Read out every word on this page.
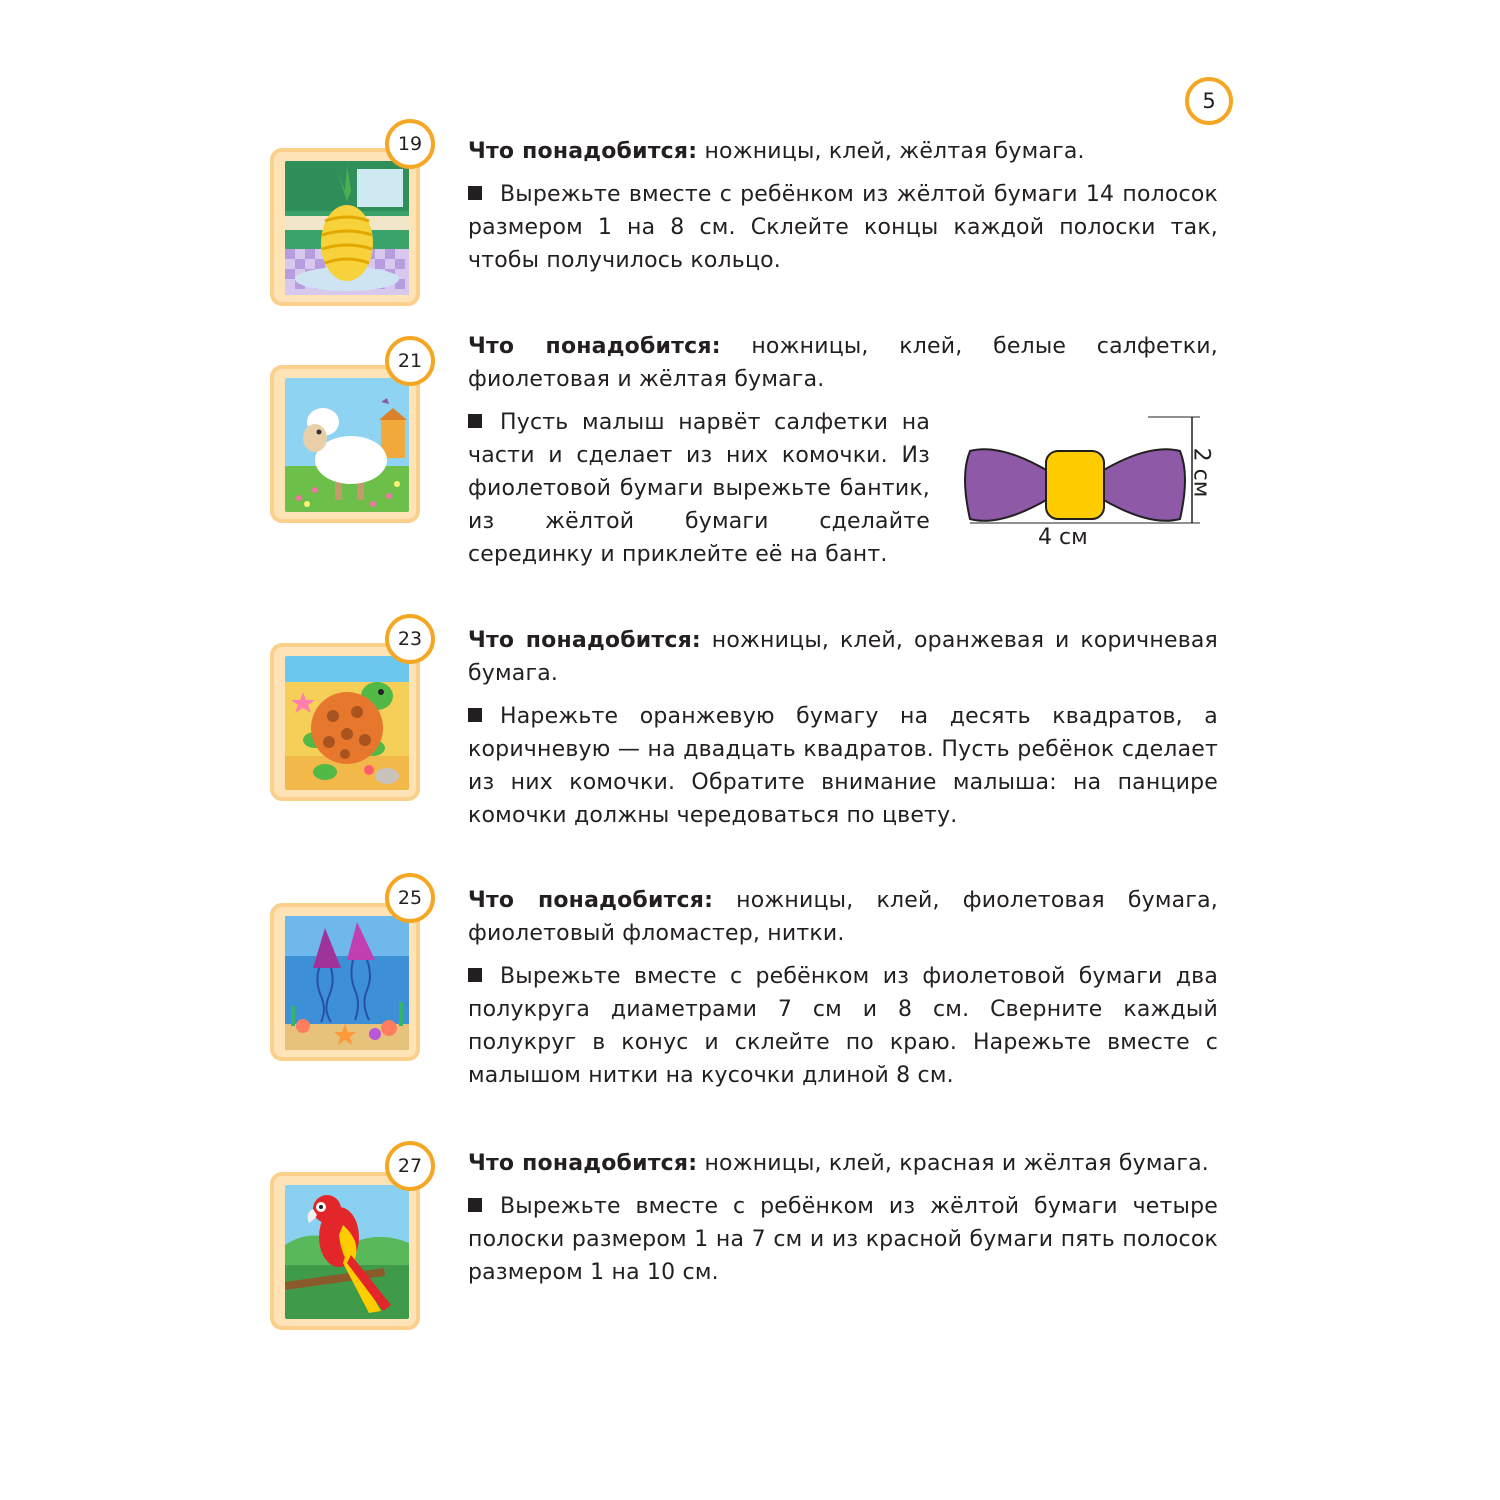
5
19	Что понадобится: ножницы, клей, жёлтая бумага.

Вырежьте вместе с ребёнком из жёлтой бумаги 14 полосок размером 1 на 8 см. Склейте концы каждой полоски так, чтобы получилось кольцо.

21

Что понадобится: ножницы, клей, белые салфетки, фиолетовая и жёлтая бумага.

Пусть малыш нарвёт салфетки на части и сделает из них комочки. Из фиолетовой бумаги вырежьте бантик, из жёлтой бумаги сделайте серединку и приклейте её на бант.

4 см
2 см
23	Что понадобится: ножницы, клей, оранжевая и коричневая бумага.

Нарежьте оранжевую бумагу на десять квадратов, а коричневую — на двадцать квадратов. Пусть ребёнок сделает из них комочки. Обратите внимание малыша: на панцире комочки должны чередоваться по цвету.

25	Что понадобится: ножницы, клей, фиолетовая бумага, фиолетовый фломастер, нитки.

Вырежьте вместе с ребёнком из фиолетовой бумаги два полукруга диаметрами 7 см и 8 см. Сверните каждый полукруг в конус и склейте по краю. Нарежьте вместе с малышом нитки на кусочки длиной 8 см.

27	Что понадобится: ножницы, клей, красная и жёлтая бумага.

Вырежьте вместе с ребёнком из жёлтой бумаги четыре полоски размером 1 на 7 см и из красной бумаги пять полосок размером 1 на 10 см.
